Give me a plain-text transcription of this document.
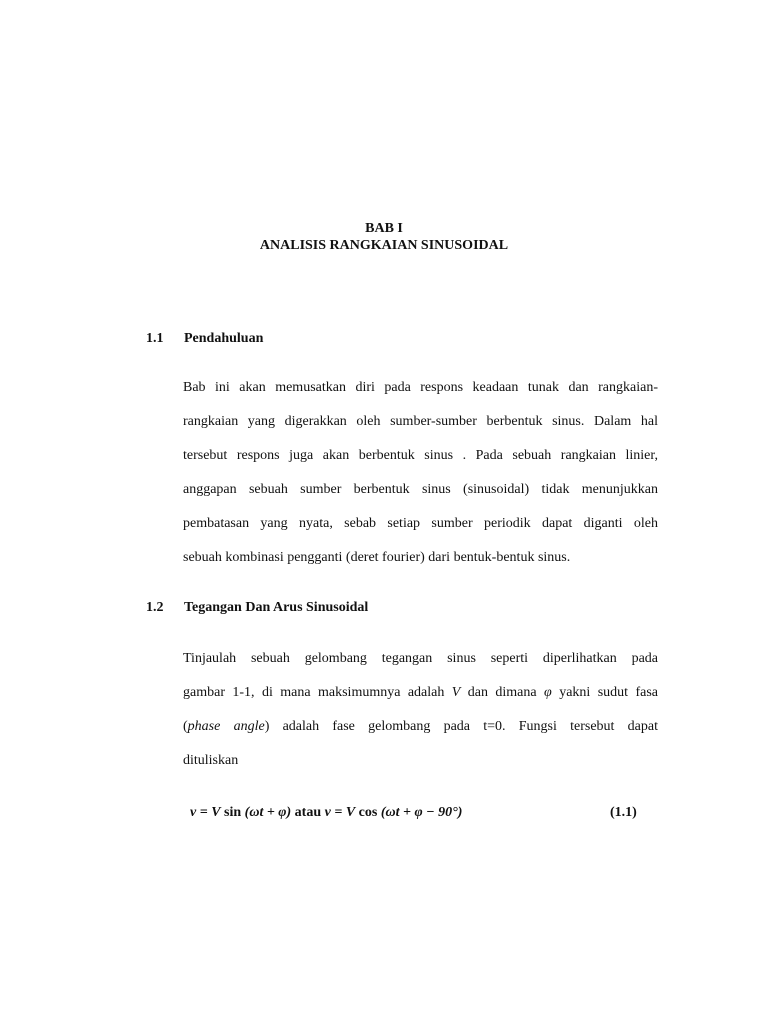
BAB I
ANALISIS RANGKAIAN SINUSOIDAL
1.1 Pendahuluan
Bab ini akan memusatkan diri pada respons keadaan tunak dan rangkaian-
rangkaian yang digerakkan oleh sumber-sumber berbentuk sinus. Dalam hal
tersebut respons juga akan berbentuk sinus . Pada sebuah rangkaian linier,
anggapan sebuah sumber berbentuk sinus (sinusoidal) tidak menunjukkan
pembatasan yang nyata, sebab setiap sumber periodik dapat diganti oleh
sebuah kombinasi pengganti (deret fourier) dari bentuk-bentuk sinus.
1.2 Tegangan Dan Arus Sinusoidal
Tinjaulah sebuah gelombang tegangan sinus seperti diperlihatkan pada
gambar 1-1, di mana maksimumnya adalah V dan dimana φ yakni sudut fasa
(phase angle) adalah fase gelombang pada t=0. Fungsi tersebut dapat
dituliskan
v = V sin (ωt + φ) atau v = V cos (ωt + φ − 90°)	(1.1)
